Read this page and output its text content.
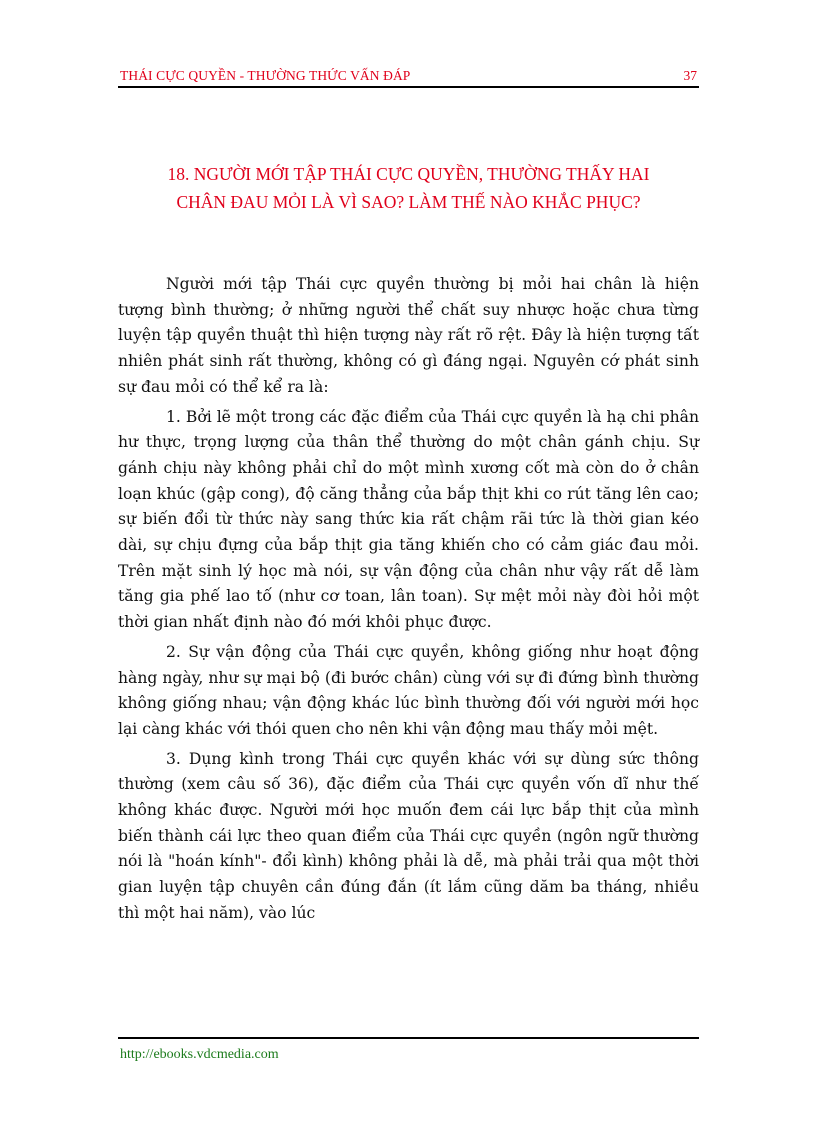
THÁI CỰC QUYỀN - THƯỜNG THỨC VẤN ĐÁP	37
18. NGƯỜI MỚI TẬP THÁI CỰC QUYỀN, THƯỜNG THẤY HAI
CHÂN ĐAU MỎI LÀ VÌ SAO? LÀM THẾ NÀO KHẮC PHỤC?

Người mới tập Thái cực quyền thường bị mỏi hai chân là hiện tượng bình thường; ở những người thể chất suy nhược hoặc chưa từng luyện tập quyền thuật thì hiện tượng này rất rõ rệt. Đây là hiện tượng tất nhiên phát sinh rất thường, không có gì đáng ngại. Nguyên cớ phát sinh sự đau mỏi có thể kể ra là:

1. Bởi lẽ một trong các đặc điểm của Thái cực quyền là hạ chi phân hư thực, trọng lượng của thân thể thường do một chân gánh chịu. Sự gánh chịu này không phải chỉ do một mình xương cốt mà còn do ở chân loạn khúc (gập cong), độ căng thẳng của bắp thịt khi co rút tăng lên cao; sự biến đổi từ thức này sang thức kia rất chậm rãi tức là thời gian kéo dài, sự chịu đựng của bắp thịt gia tăng khiến cho có cảm giác đau mỏi. Trên mặt sinh lý học mà nói, sự vận động của chân như vậy rất dễ làm tăng gia phế lao tố (như cơ toan, lân toan). Sự mệt mỏi này đòi hỏi một thời gian nhất định nào đó mới khôi phục được.

2. Sự vận động của Thái cực quyền, không giống như hoạt động hàng ngày, như sự mại bộ (đi bước chân) cùng với sự đi đứng bình thường không giống nhau; vận động khác lúc bình thường đối với người mới học lại càng khác với thói quen cho nên khi vận động mau thấy mỏi mệt.

3. Dụng kình trong Thái cực quyền khác với sự dùng sức thông thường (xem câu số 36), đặc điểm của Thái cực quyền vốn dĩ như thế không khác được. Người mới học muốn đem cái lực bắp thịt của mình biến thành cái lực theo quan điểm của Thái cực quyền (ngôn ngữ thường nói là "hoán kính"- đổi kình) không phải là dễ, mà phải trải qua một thời gian luyện tập chuyên cần đúng đắn (ít lắm cũng dăm ba tháng, nhiều thì một hai năm), vào lúc

http://ebooks.vdcmedia.com
